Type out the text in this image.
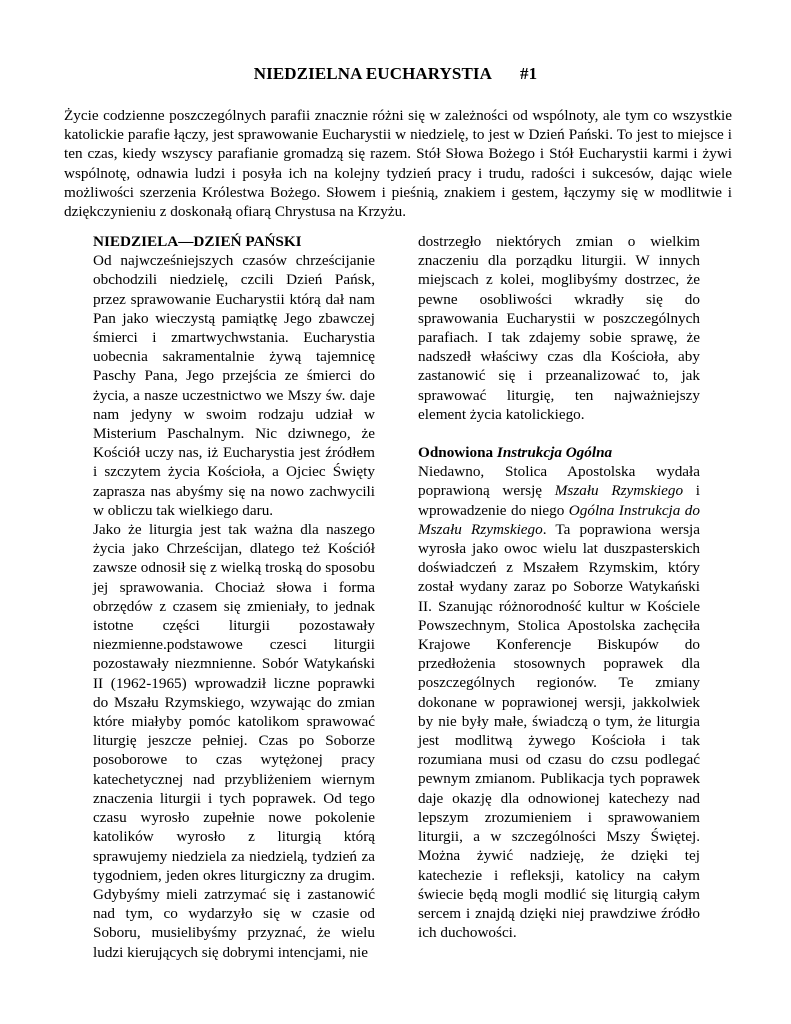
NIEDZIELNA EUCHARYSTIA #1

Życie codzienne poszczególnych parafii znacznie różni się w zależności od wspólnoty, ale tym co wszystkie katolickie parafie łączy, jest sprawowanie Eucharystii w niedzielę, to jest w Dzień Pański. To jest to miejsce i ten czas, kiedy wszyscy parafianie gromadzą się razem. Stół Słowa Bożego i Stół Eucharystii karmi i żywi wspólnotę, odnawia ludzi i posyła ich na kolejny tydzień pracy i trudu, radości i sukcesów, dając wiele możliwości szerzenia Królestwa Bożego. Słowem i pieśnią, znakiem i gestem, łączymy się w modlitwie i dziękczynieniu z doskonałą ofiarą Chrystusa na Krzyżu.

NIEDZIELA—DZIEŃ PAŃSKI

Od najwcześniejszych czasów chrześcijanie obchodzili niedzielę, czcili Dzień Pańsk, przez sprawowanie Eucharystii którą dał nam Pan jako wieczystą pamiątkę Jego zbawczej śmierci i zmartwychwstania. Eucharystia uobecnia sakramentalnie żywą tajemnicę Paschy Pana, Jego przejścia ze śmierci do życia, a nasze uczestnictwo we Mszy św. daje nam jedyny w swoim rodzaju udział w Misterium Paschalnym. Nic dziwnego, że Kościół uczy nas, iż Eucharystia jest źródłem i szczytem życia Kościoła, a Ojciec Święty zaprasza nas abyśmy się na nowo zachwycili w obliczu tak wielkiego daru.

Jako że liturgia jest tak ważna dla naszego życia jako Chrześcijan, dlatego też Kościół zawsze odnosił się z wielką troską do sposobu jej sprawowania. Chociaż słowa i forma obrzędów z czasem się zmieniały, to jednak istotne części liturgii pozostawały niezmienne.podstawowe czesci liturgii pozostawały niezmnienne. Sobór Watykański II (1962-1965) wprowadził liczne poprawki do Mszału Rzymskiego, wzywając do zmian które miałyby pomóc katolikom sprawować liturgię jeszcze pełniej. Czas po Soborze posoborowe to czas wytężonej pracy katechetycznej nad przybliżeniem wiernym znaczenia liturgii i tych poprawek. Od tego czasu wyrosło zupełnie nowe pokolenie katolików wyrosło z liturgią którą sprawujemy niedziela za niedzielą, tydzień za tygodniem, jeden okres liturgiczny za drugim. Gdybyśmy mieli zatrzymać się i zastanowić nad tym, co wydarzyło się w czasie od Soboru, musielibyśmy przyznać, że wielu ludzi kierujących się dobrymi intencjami, nie

dostrzegło niektórych zmian o wielkim znaczeniu dla porządku liturgii. W innych miejscach z kolei, moglibyśmy dostrzec, że pewne osobliwości wkradły się do sprawowania Eucharystii w poszczególnych parafiach. I tak zdajemy sobie sprawę, że nadszedł właściwy czas dla Kościoła, aby zastanowić się i przeanalizować to, jak sprawować liturgię, ten najważniejszy element życia katolickiego.

Odnowiona Instrukcja Ogólna

Niedawno, Stolica Apostolska wydała poprawioną wersję Mszału Rzymskiego i wprowadzenie do niego Ogólna Instrukcja do Mszału Rzymskiego. Ta poprawiona wersja wyrosła jako owoc wielu lat duszpasterskich doświadczeń z Mszałem Rzymskim, który został wydany zaraz po Soborze Watykański II. Szanując różnorodność kultur w Kościele Powszechnym, Stolica Apostolska zachęciła Krajowe Konferencje Biskupów do przedłożenia stosownych poprawek dla poszczególnych regionów. Te zmiany dokonane w poprawionej wersji, jakkolwiek by nie były małe, świadczą o tym, że liturgia jest modlitwą żywego Kościoła i tak rozumiana musi od czasu do czsu podlegać pewnym zmianom. Publikacja tych poprawek daje okazję dla odnowionej katechezy nad lepszym zrozumieniem i sprawowaniem liturgii, a w szczególności Mszy Świętej. Można żywić nadzieję, że dzięki tej katechezie i refleksji, katolicy na całym świecie będą mogli modlić się liturgią całym sercem i znajdą dzięki niej prawdziwe źródło ich duchowości.
